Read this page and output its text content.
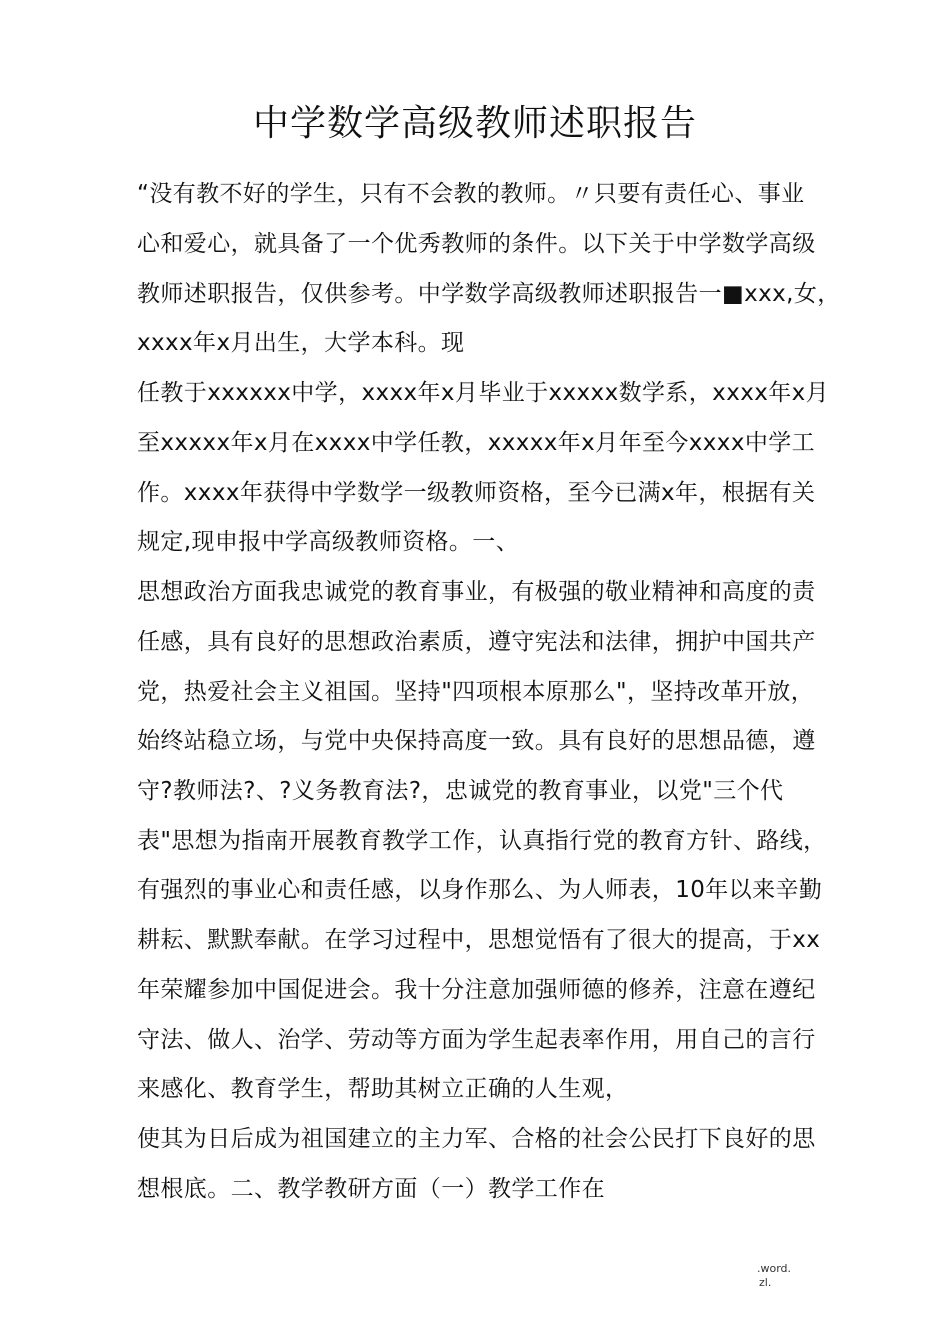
中学数学高级教师述职报告
“没有教不好的学生，只有不会教的教师。〃只要有责任心、事业
心和爱心，就具备了一个优秀教师的条件。以下关于中学数学高级
教师述职报告，仅供参考。中学数学高级教师述职报告一■xxx,女，
xxxx年x月出生，大学本科。现
任教于xxxxxx中学，xxxx年x月毕业于xxxxx数学系，xxxx年x月
至xxxxx年x月在xxxx中学任教，xxxxx年x月年至今xxxx中学工
作。xxxx年获得中学数学一级教师资格，至今已满x年，根据有关
规定,现申报中学高级教师资格。一、
思想政治方面我忠诚党的教育事业，有极强的敬业精神和高度的责
任感，具有良好的思想政治素质，遵守宪法和法律，拥护中国共产
党，热爱社会主义祖国。坚持"四项根本原那么"，坚持改革开放，
始终站稳立场，与党中央保持高度一致。具有良好的思想品德，遵
守?教师法?、?义务教育法?，忠诚党的教育事业，以党"三个代
表"思想为指南开展教育教学工作，认真指行党的教育方针、路线，
有强烈的事业心和责任感，以身作那么、为人师表，10年以来辛勤
耕耘、默默奉献。在学习过程中，思想觉悟有了很大的提高，于xx
年荣耀参加中国促进会。我十分注意加强师德的修养，注意在遵纪
守法、做人、治学、劳动等方面为学生起表率作用，用自己的言行
来感化、教育学生，帮助其树立正确的人生观，
使其为日后成为祖国建立的主力军、合格的社会公民打下良好的思
想根底。二、教学教研方面（一）教学工作在
.word.
zl.
